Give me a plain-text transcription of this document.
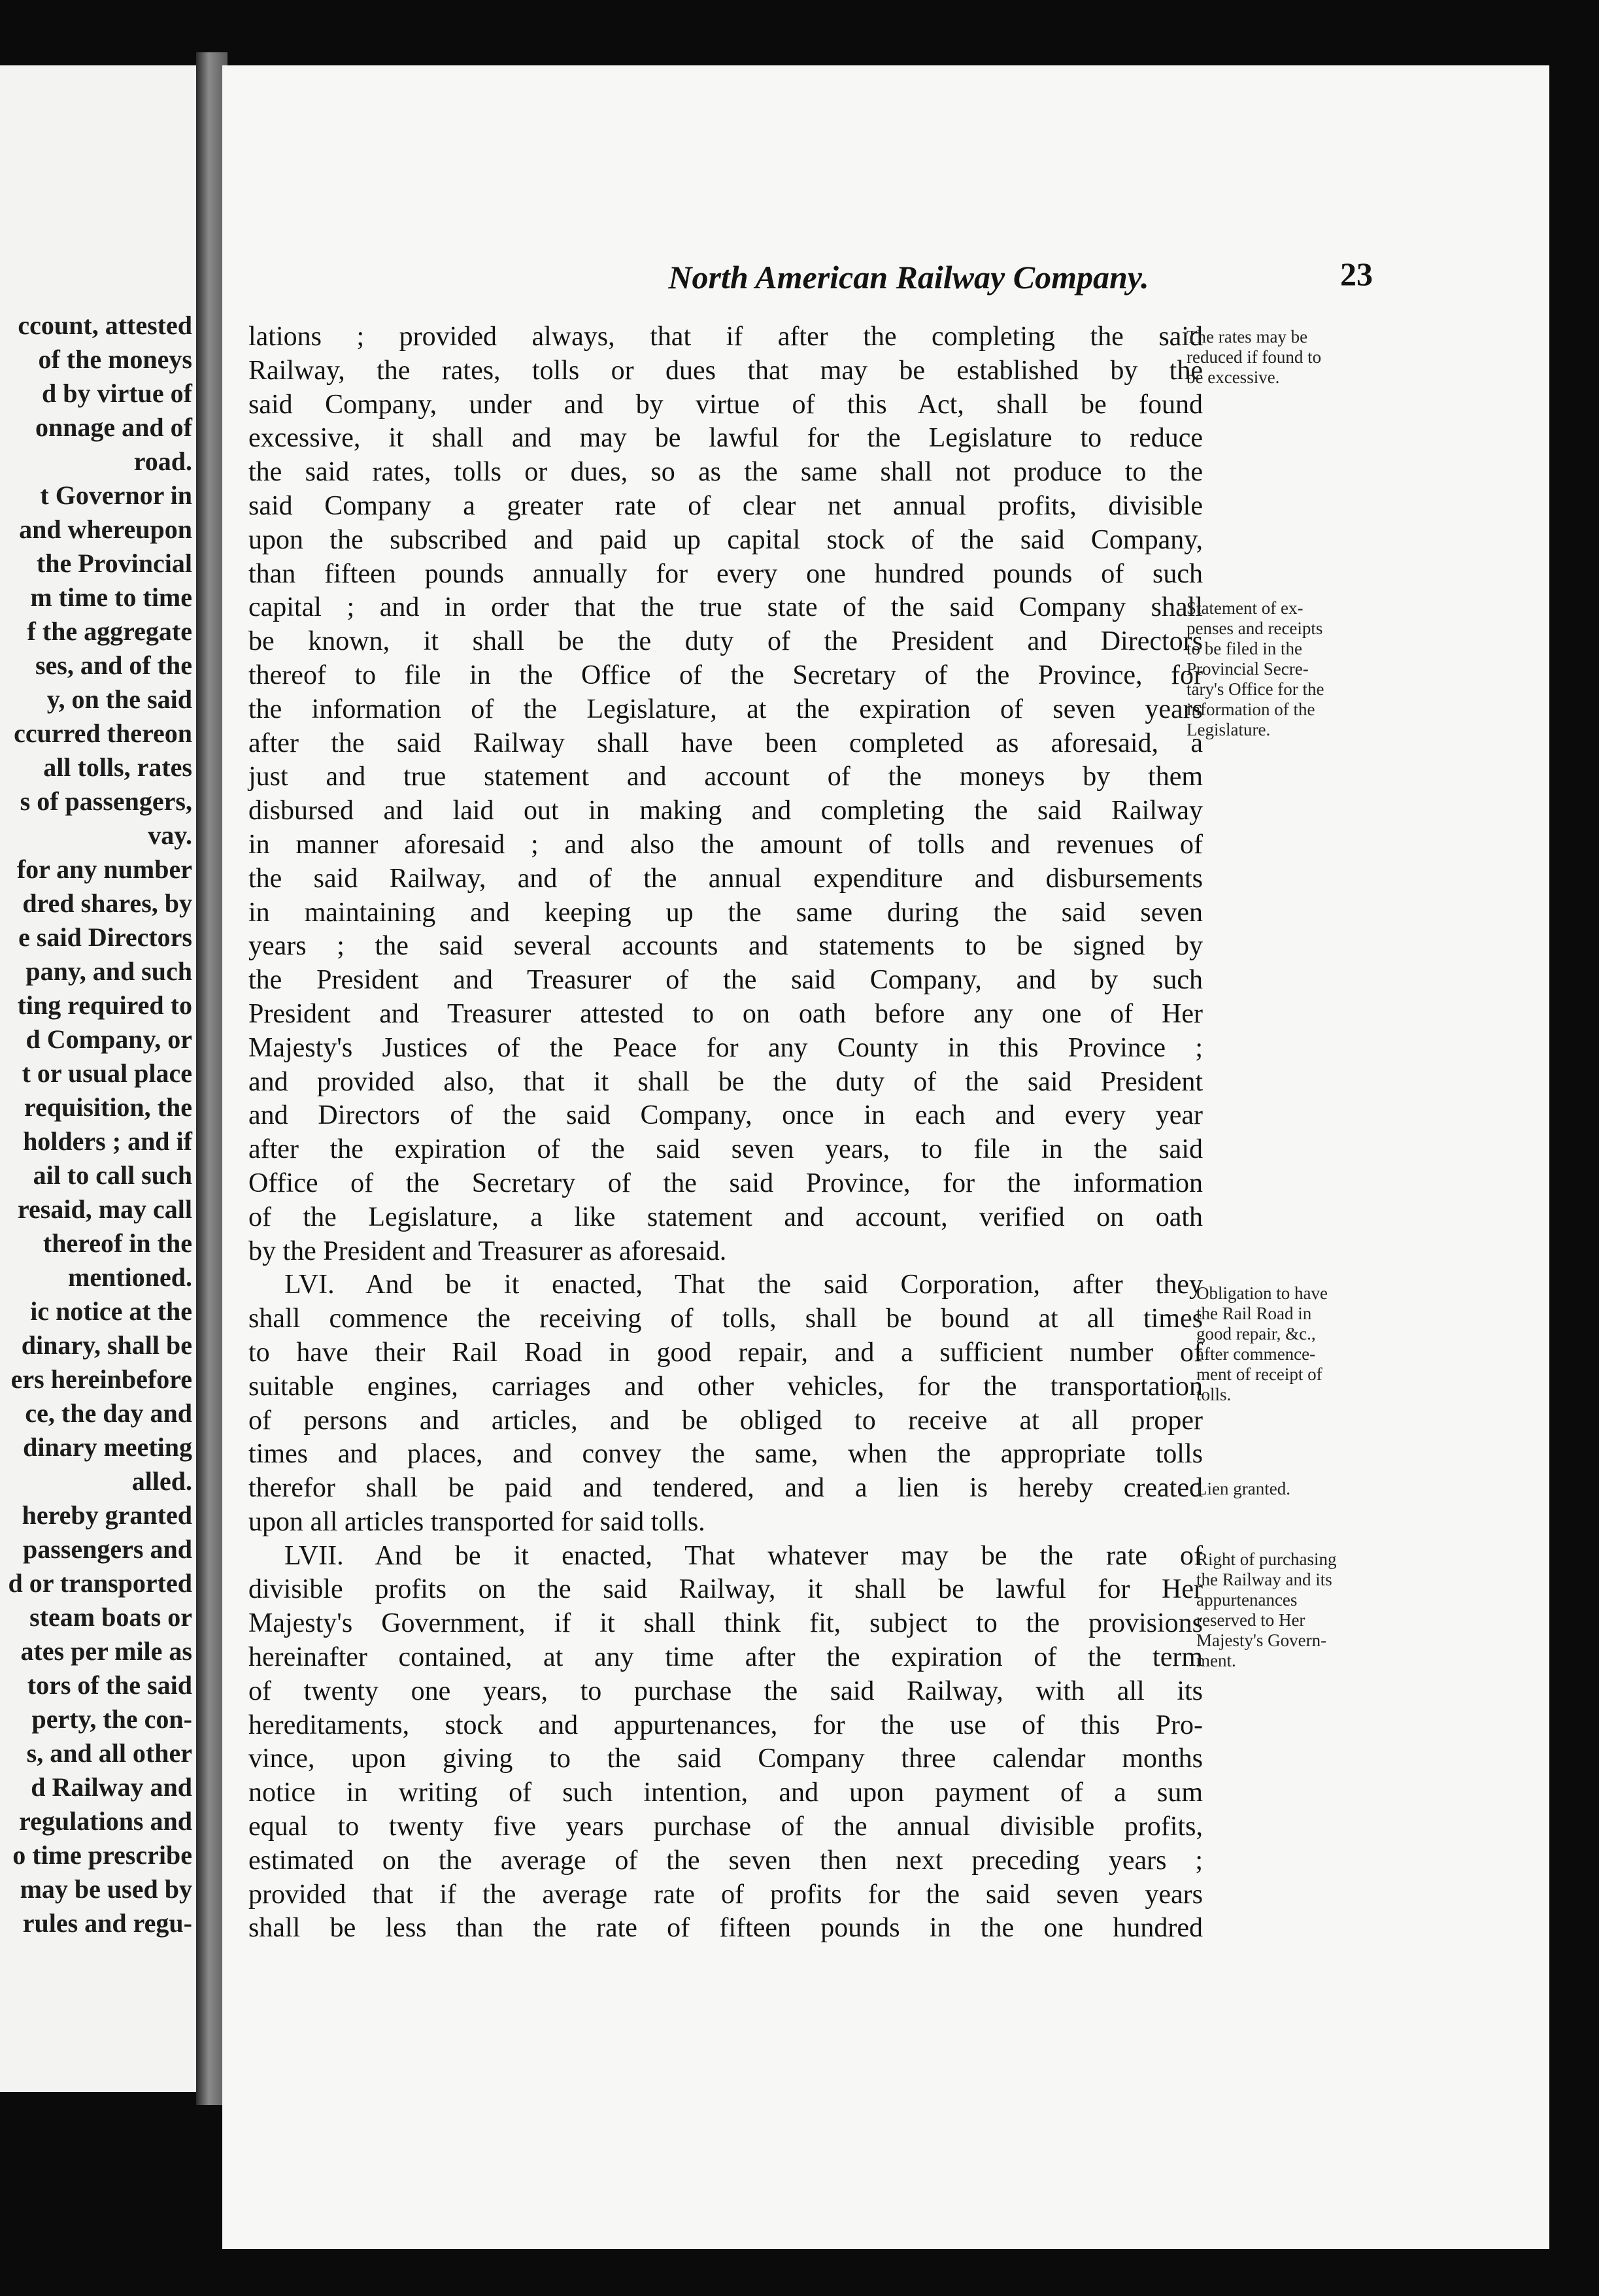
ccount, attested
of the moneys
d by virtue of
onnage and of
road.
t Governor in
and whereupon
the Provincial
m time to time
f the aggregate
ses, and of the
y, on the said
ccurred thereon
all tolls, rates
s of passengers,
vay.
for any number
dred shares, by
e said Directors
pany, and such
ting required to
d Company, or
t or usual place
requisition, the
holders ; and if
ail to call such
resaid, may call
thereof in the
mentioned.
ic notice at the
dinary, shall be
ers hereinbefore
ce, the day and
dinary meeting
alled.
hereby granted
passengers and
d or transported
steam boats or
ates per mile as
tors of the said
perty, the con-
s, and all other
d Railway and
regulations and
o time prescribe
may be used by
rules and regu-
North American Railway Company.	23
lations ; provided always, that if after the completing the said
Railway, the rates, tolls or dues that may be established by the
said Company, under and by virtue of this Act, shall be found
excessive, it shall and may be lawful for the Legislature to reduce
the said rates, tolls or dues, so as the same shall not produce to the
said Company a greater rate of clear net annual profits, divisible
upon the subscribed and paid up capital stock of the said Company,
than fifteen pounds annually for every one hundred pounds of such
capital ; and in order that the true state of the said Company shall
be known, it shall be the duty of the President and Directors
thereof to file in the Office of the Secretary of the Province, for
the information of the Legislature, at the expiration of seven years
after the said Railway shall have been completed as aforesaid, a
just and true statement and account of the moneys by them
disbursed and laid out in making and completing the said Railway
in manner aforesaid ; and also the amount of tolls and revenues of
the said Railway, and of the annual expenditure and disbursements
in maintaining and keeping up the same during the said seven
years ; the said several accounts and statements to be signed by
the President and Treasurer of the said Company, and by such
President and Treasurer attested to on oath before any one of Her
Majesty's Justices of the Peace for any County in this Province ;
and provided also, that it shall be the duty of the said President
and Directors of the said Company, once in each and every year
after the expiration of the said seven years, to file in the said
Office of the Secretary of the said Province, for the information
of the Legislature, a like statement and account, verified on oath
by the President and Treasurer as aforesaid.
LVI. And be it enacted, That the said Corporation, after they
shall commence the receiving of tolls, shall be bound at all times
to have their Rail Road in good repair, and a sufficient number of
suitable engines, carriages and other vehicles, for the transportation
of persons and articles, and be obliged to receive at all proper
times and places, and convey the same, when the appropriate tolls
therefor shall be paid and tendered, and a lien is hereby created
upon all articles transported for said tolls.
LVII. And be it enacted, That whatever may be the rate of
divisible profits on the said Railway, it shall be lawful for Her
Majesty's Government, if it shall think fit, subject to the provisions
hereinafter contained, at any time after the expiration of the term
of twenty one years, to purchase the said Railway, with all its
hereditaments, stock and appurtenances, for the use of this Pro-
vince, upon giving to the said Company three calendar months
notice in writing of such intention, and upon payment of a sum
equal to twenty five years purchase of the annual divisible profits,
estimated on the average of the seven then next preceding years ;
provided that if the average rate of profits for the said seven years
shall be less than the rate of fifteen pounds in the one hundred
The rates may be
reduced if found to
be excessive.
Statement of ex-
penses and receipts
to be filed in the
Provincial Secre-
tary's Office for the
information of the
Legislature.
Obligation to have
the Rail Road in
good repair, &c.,
after commence-
ment of receipt of
tolls.
Lien granted.
Right of purchasing
the Railway and its
appurtenances
reserved to Her
Majesty's Govern-
ment.
